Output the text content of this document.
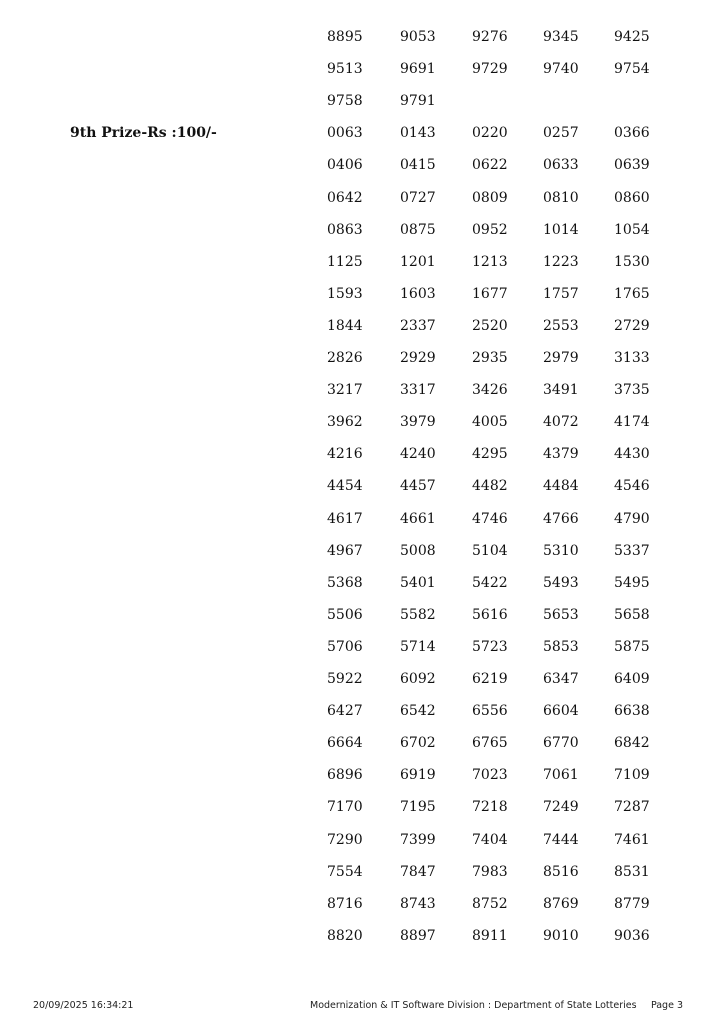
9th Prize-Rs :100/-
8895	9053	9276	9345	9425
9513	9691	9729	9740	9754
9758	9791
0063	0143	0220	0257	0366
0406	0415	0622	0633	0639
0642	0727	0809	0810	0860
0863	0875	0952	1014	1054
1125	1201	1213	1223	1530
1593	1603	1677	1757	1765
1844	2337	2520	2553	2729
2826	2929	2935	2979	3133
3217	3317	3426	3491	3735
3962	3979	4005	4072	4174
4216	4240	4295	4379	4430
4454	4457	4482	4484	4546
4617	4661	4746	4766	4790
4967	5008	5104	5310	5337
5368	5401	5422	5493	5495
5506	5582	5616	5653	5658
5706	5714	5723	5853	5875
5922	6092	6219	6347	6409
6427	6542	6556	6604	6638
6664	6702	6765	6770	6842
6896	6919	7023	7061	7109
7170	7195	7218	7249	7287
7290	7399	7404	7444	7461
7554	7847	7983	8516	8531
8716	8743	8752	8769	8779
8820	8897	8911	9010	9036
20/09/2025 16:34:21	Modernization & IT Software Division : Department of State Lotteries Page 3
